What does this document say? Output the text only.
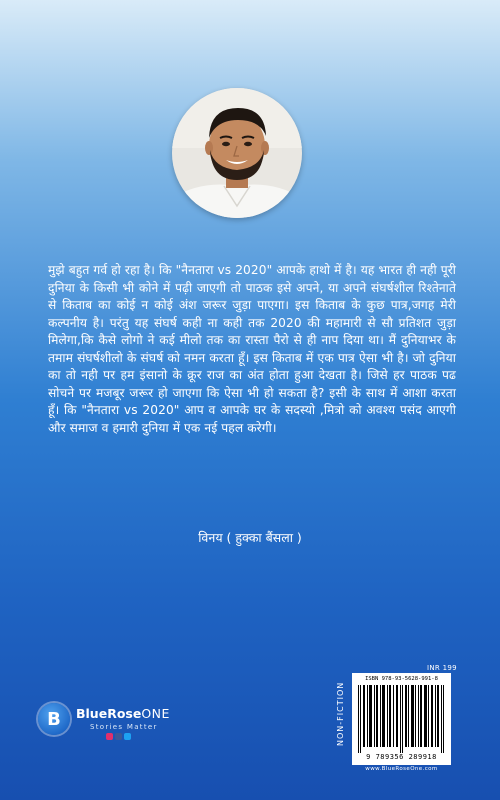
मुझे बहुत गर्व हो रहा है। कि "नैनतारा vs 2020" आपके हाथो में है। यह भारत ही नही पूरी दुनिया के किसी भी कोने में पढ़ी जाएगी तो पाठक इसे अपने, या अपने संघर्षशील रिश्तेनाते से किताब का कोई न कोई अंश जरूर जुड़ा पाएगा। इस किताब के कुछ पात्र,जगह मेरी कल्पनीय है। परंतु यह संघर्ष कही ना कही तक 2020 की महामारी से सौ प्रतिशत जुड़ा मिलेगा,कि कैसे लोगो ने कई मीलो तक का रास्ता पैरो से ही नाप दिया था। मैं दुनियाभर के तमाम संघर्षशीलो के संघर्ष को नमन करता हूँ। इस किताब में एक पात्र ऐसा भी है। जो दुनिया का तो नही पर हम इंसानो के क्रूर राज का अंत होता हुआ देखता है। जिसे हर पाठक पढ सोचने पर मजबूर जरूर हो जाएगा कि ऐसा भी हो सकता है? इसी के साथ में आशा करता हूँ। कि "नैनतारा vs 2020" आप व आपके घर के सदस्यो ,मित्रो को अवश्य पसंद आएगी और समाज व हमारी दुनिया में एक नई पहल करेगी।
विनय ( हुक्का बैंसला )
B	BlueRoseONE
Stories Matter
INR 199
NON-FICTION
ISBN 978-93-5628-991-8
9 789356 289918
www.BlueRoseOne.com
